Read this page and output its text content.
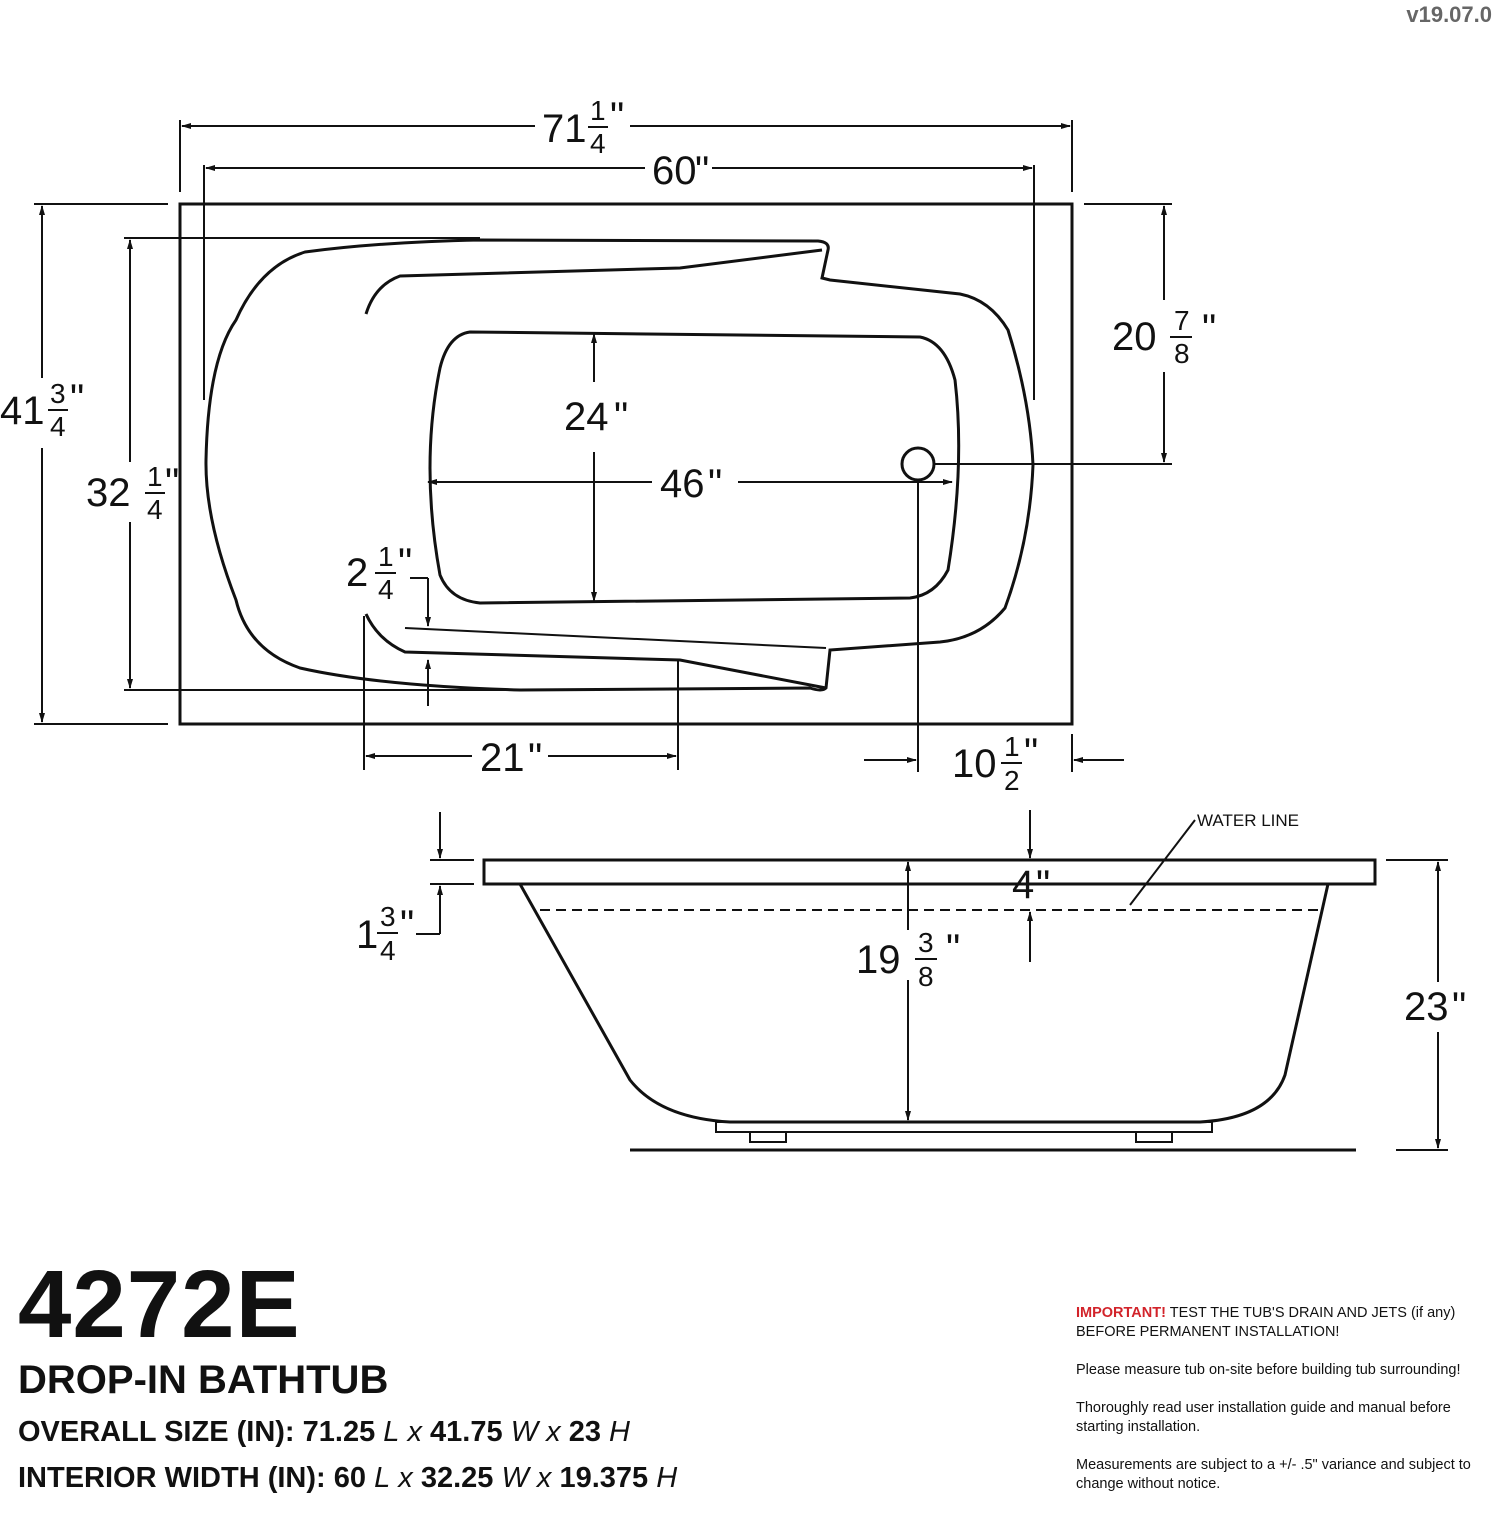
v19.07.0
71 1
4
"
60
"
41 3
4
"
32 1
4
"
20 7
8
"
24 "
46 "
2 1
4
"
21 "	10 1
2
"
WATER LINE
1 3
4
"
4 "
19 3
8
"
23 "
4272E
DROP-IN BATHTUB
OVERALL SIZE (IN): 71.25 L x 41.75 W x 23 H
INTERIOR WIDTH (IN): 60 L x 32.25 W x 19.375 H

IMPORTANT! TEST THE TUB'S DRAIN AND JETS (if any) BEFORE PERMANENT INSTALLATION!

Please measure tub on-site before building tub surrounding!

Thoroughly read user installation guide and manual before starting installation.

Measurements are subject to a +/- .5" variance and subject to change without notice.
